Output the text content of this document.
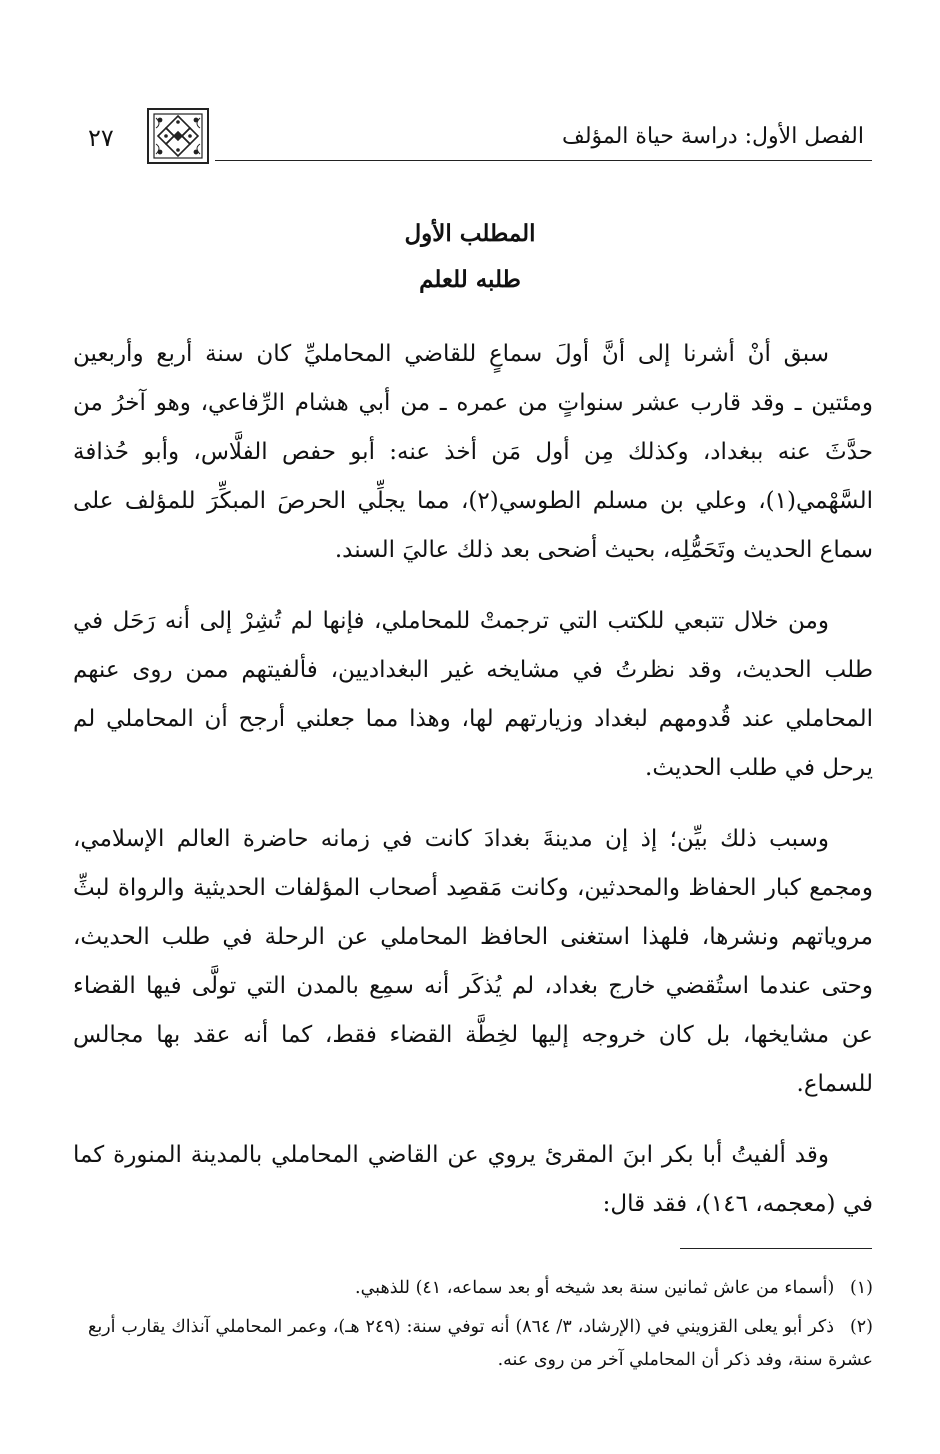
الفصل الأول: دراسة حياة المؤلف
٢٧
المطلب الأول
طلبه للعلم

سبق أنْ أشرنا إلى أنَّ أولَ سماعٍ للقاضي المحامليِّ كان سنة أربع وأربعين ومئتين ـ وقد قارب عشر سنواتٍ من عمره ـ من أبي هشام الرِّفاعي، وهو آخرُ من حدَّثَ عنه ببغداد، وكذلك مِن أول مَن أخذ عنه: أبو حفص الفلَّاس، وأبو حُذافة السَّهْمي(١)، وعلي بن مسلم الطوسي(٢)، مما يجلِّي الحرصَ المبكِّرَ للمؤلف على سماع الحديث وتَحَمُّلِه، بحيث أضحى بعد ذلك عاليَ السند.

ومن خلال تتبعي للكتب التي ترجمتْ للمحاملي، فإنها لم تُشِرْ إلى أنه رَحَل في طلب الحديث، وقد نظرتُ في مشايخه غير البغداديين، فألفيتهم ممن روى عنهم المحاملي عند قُدومهم لبغداد وزيارتهم لها، وهذا مما جعلني أرجح أن المحاملي لم يرحل في طلب الحديث.

وسبب ذلك بيِّن؛ إذ إن مدينةَ بغدادَ كانت في زمانه حاضرة العالم الإسلامي، ومجمع كبار الحفاظ والمحدثين، وكانت مَقصِد أصحاب المؤلفات الحديثية والرواة لبثِّ مروياتهم ونشرها، فلهذا استغنى الحافظ المحاملي عن الرحلة في طلب الحديث، وحتى عندما استُقضي خارج بغداد، لم يُذكَر أنه سمِع بالمدن التي تولَّى فيها القضاء عن مشايخها، بل كان خروجه إليها لخِطَّة القضاء فقط، كما أنه عقد بها مجالس للسماع.

وقد ألفيتُ أبا بكر ابنَ المقرئ يروي عن القاضي المحاملي بالمدينة المنورة كما في (معجمه، ١٤٦)، فقد قال:

(١) (أسماء من عاش ثمانين سنة بعد شيخه أو بعد سماعه، ٤١) للذهبي.

(٢) ذكر أبو يعلى القزويني في (الإرشاد، ٣/ ٨٦٤) أنه توفي سنة: (٢٤٩ هـ)، وعمر المحاملي آنذاك يقارب أربع عشرة سنة، وفد ذكر أن المحاملي آخر من روى عنه.
